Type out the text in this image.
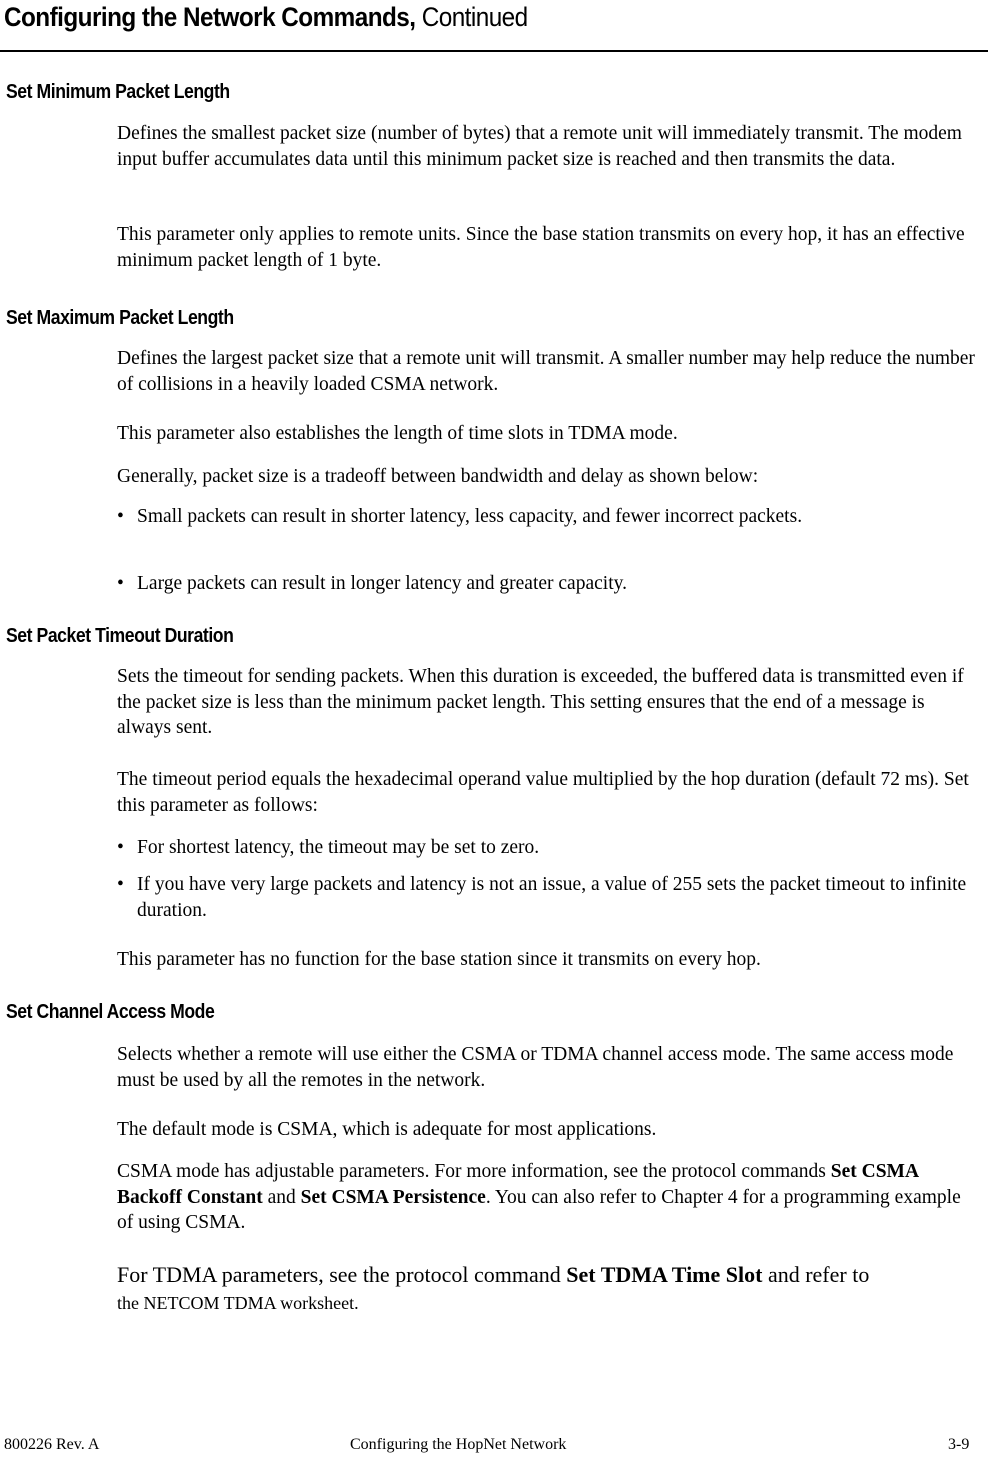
Configuring the Network Commands, Continued
Set Minimum Packet Length

Defines the smallest packet size (number of bytes) that a remote unit will immediately transmit. The modem input buffer accumulates data until this minimum packet size is reached and then transmits the data.

This parameter only applies to remote units. Since the base station transmits on every hop, it has an effective minimum packet length of 1 byte.

Set Maximum Packet Length

Defines the largest packet size that a remote unit will transmit. A smaller number may help reduce the number of collisions in a heavily loaded CSMA network.

This parameter also establishes the length of time slots in TDMA mode.

Generally, packet size is a tradeoff between bandwidth and delay as shown below:

• Small packets can result in shorter latency, less capacity, and fewer incorrect packets.
• Large packets can result in longer latency and greater capacity.
Set Packet Timeout Duration

Sets the timeout for sending packets. When this duration is exceeded, the buffered data is transmitted even if the packet size is less than the minimum packet length. This setting ensures that the end of a message is always sent.

The timeout period equals the hexadecimal operand value multiplied by the hop duration (default 72 ms). Set this parameter as follows:

• For shortest latency, the timeout may be set to zero.
• If you have very large packets and latency is not an issue, a value of 255 sets the packet timeout to infinite duration.

This parameter has no function for the base station since it transmits on every hop.

Set Channel Access Mode

Selects whether a remote will use either the CSMA or TDMA channel access mode. The same access mode must be used by all the remotes in the network.

The default mode is CSMA, which is adequate for most applications.

CSMA mode has adjustable parameters. For more information, see the protocol commands Set CSMA Backoff Constant and Set CSMA Persistence. You can also refer to Chapter 4 for a programming example of using CSMA.

For TDMA parameters, see the protocol command Set TDMA Time Slot and refer to
the NETCOM TDMA worksheet.

800226 Rev. A	Configuring the HopNet Network	3-9
